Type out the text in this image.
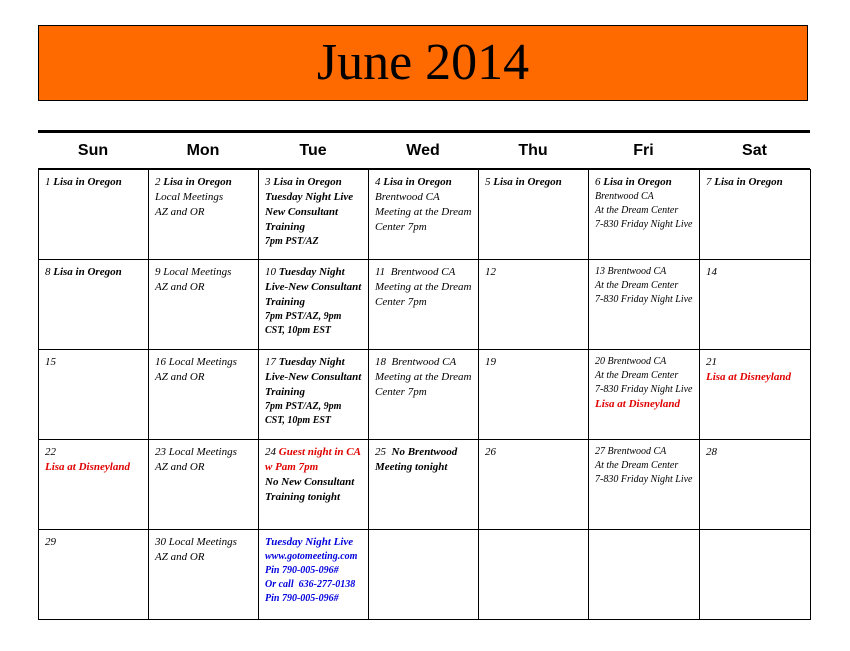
June 2014
Sun	Mon	Tue	Wed	Thu	Fri	Sat
1 Lisa in Oregon	2 Lisa in Oregon
Local Meetings
AZ and OR	3 Lisa in Oregon
Tuesday Night Live
New Consultant Training
7pm PST/AZ	4 Lisa in Oregon
Brentwood CA
Meeting at the Dream Center 7pm	5 Lisa in Oregon	6 Lisa in Oregon
Brentwood CA
At the Dream Center
7-830 Friday Night Live	7 Lisa in Oregon

8 Lisa in Oregon	9 Local Meetings
AZ and OR	10 Tuesday Night Live-New Consultant Training
7pm PST/AZ, 9pm CST, 10pm EST	11 Brentwood CA
Meeting at the Dream Center 7pm	12	13 Brentwood CA
At the Dream Center
7-830 Friday Night Live	14

15	16 Local Meetings
AZ and OR	17 Tuesday Night Live-New Consultant Training
7pm PST/AZ, 9pm CST, 10pm EST	18 Brentwood CA
Meeting at the Dream Center 7pm	19	20 Brentwood CA
At the Dream Center
7-830 Friday Night Live
Lisa at Disneyland	21
Lisa at Disneyland

22
Lisa at Disneyland	23 Local Meetings
AZ and OR	24 Guest night in CA w Pam 7pm
No New Consultant Training tonight	25 No Brentwood Meeting tonight	26	27 Brentwood CA
At the Dream Center
7-830 Friday Night Live	28

29	30 Local Meetings
AZ and OR	Tuesday Night Live
www.gotomeeting.com
Pin 790-005-096#
Or call  636-277-0138
Pin 790-005-096#				
